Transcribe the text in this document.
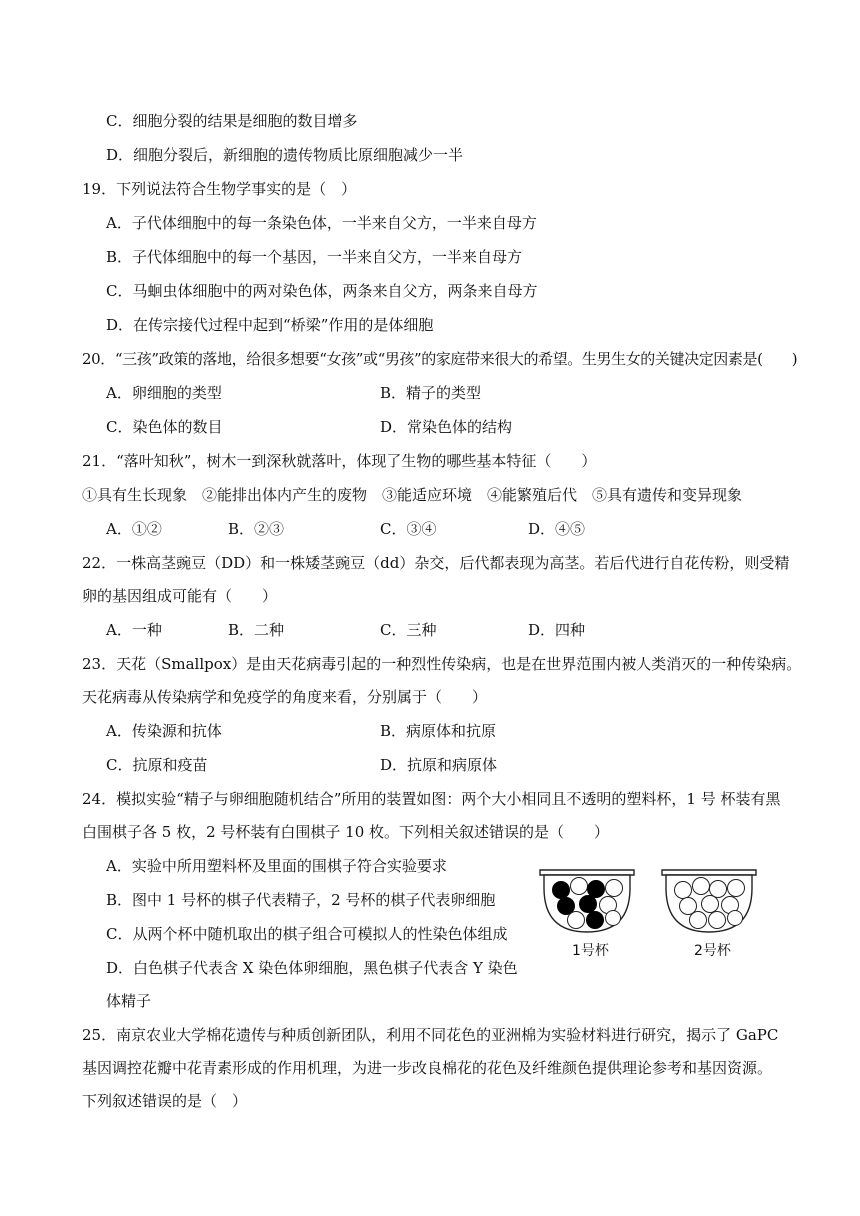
C．细胞分裂的结果是细胞的数目增多
D．细胞分裂后，新细胞的遗传物质比原细胞减少一半
19．下列说法符合生物学事实的是（　）
A．子代体细胞中的每一条染色体，一半来自父方，一半来自母方
B．子代体细胞中的每一个基因，一半来自父方，一半来自母方
C．马蛔虫体细胞中的两对染色体，两条来自父方，两条来自母方
D．在传宗接代过程中起到“桥梁”作用的是体细胞
20．“三孩”政策的落地，给很多想要“女孩”或“男孩”的家庭带来很大的希望。生男生女的关键决定因素是(　　)
A．卵细胞的类型	B．精子的类型
C．染色体的数目	D．常染色体的结构
21．“落叶知秋”，树木一到深秋就落叶，体现了生物的哪些基本特征（　　）
①具有生长现象　②能排出体内产生的废物　③能适应环境　④能繁殖后代　⑤具有遗传和变异现象
A．①②	B．②③	C．③④	D．④⑤
22．一株高茎豌豆（DD）和一株矮茎豌豆（dd）杂交，后代都表现为高茎。若后代进行自花传粉，则受精
卵的基因组成可能有（　　）
A．一种	B．二种	C．三种	D．四种
23．天花（Smallpox）是由天花病毒引起的一种烈性传染病，也是在世界范围内被人类消灭的一种传染病。
天花病毒从传染病学和免疫学的角度来看，分别属于（　　）
A．传染源和抗体	B．病原体和抗原
C．抗原和疫苗	D．抗原和病原体
24．模拟实验“精子与卵细胞随机结合”所用的装置如图：两个大小相同且不透明的塑料杯，1 号 杯装有黑
白围棋子各 5 枚，2 号杯装有白围棋子 10 枚。下列相关叙述错误的是（　　）
A．实验中所用塑料杯及里面的围棋子符合实验要求
B．图中 1 号杯的棋子代表精子，2 号杯的棋子代表卵细胞
C．从两个杯中随机取出的棋子组合可模拟人的性染色体组成
D．白色棋子代表含 X 染色体卵细胞，黑色棋子代表含 Y 染色
体精子
1号杯	2号杯
25．南京农业大学棉花遗传与种质创新团队，利用不同花色的亚洲棉为实验材料进行研究，揭示了 GaPC
基因调控花瓣中花青素形成的作用机理，为进一步改良棉花的花色及纤维颜色提供理论参考和基因资源。
下列叙述错误的是（　）
